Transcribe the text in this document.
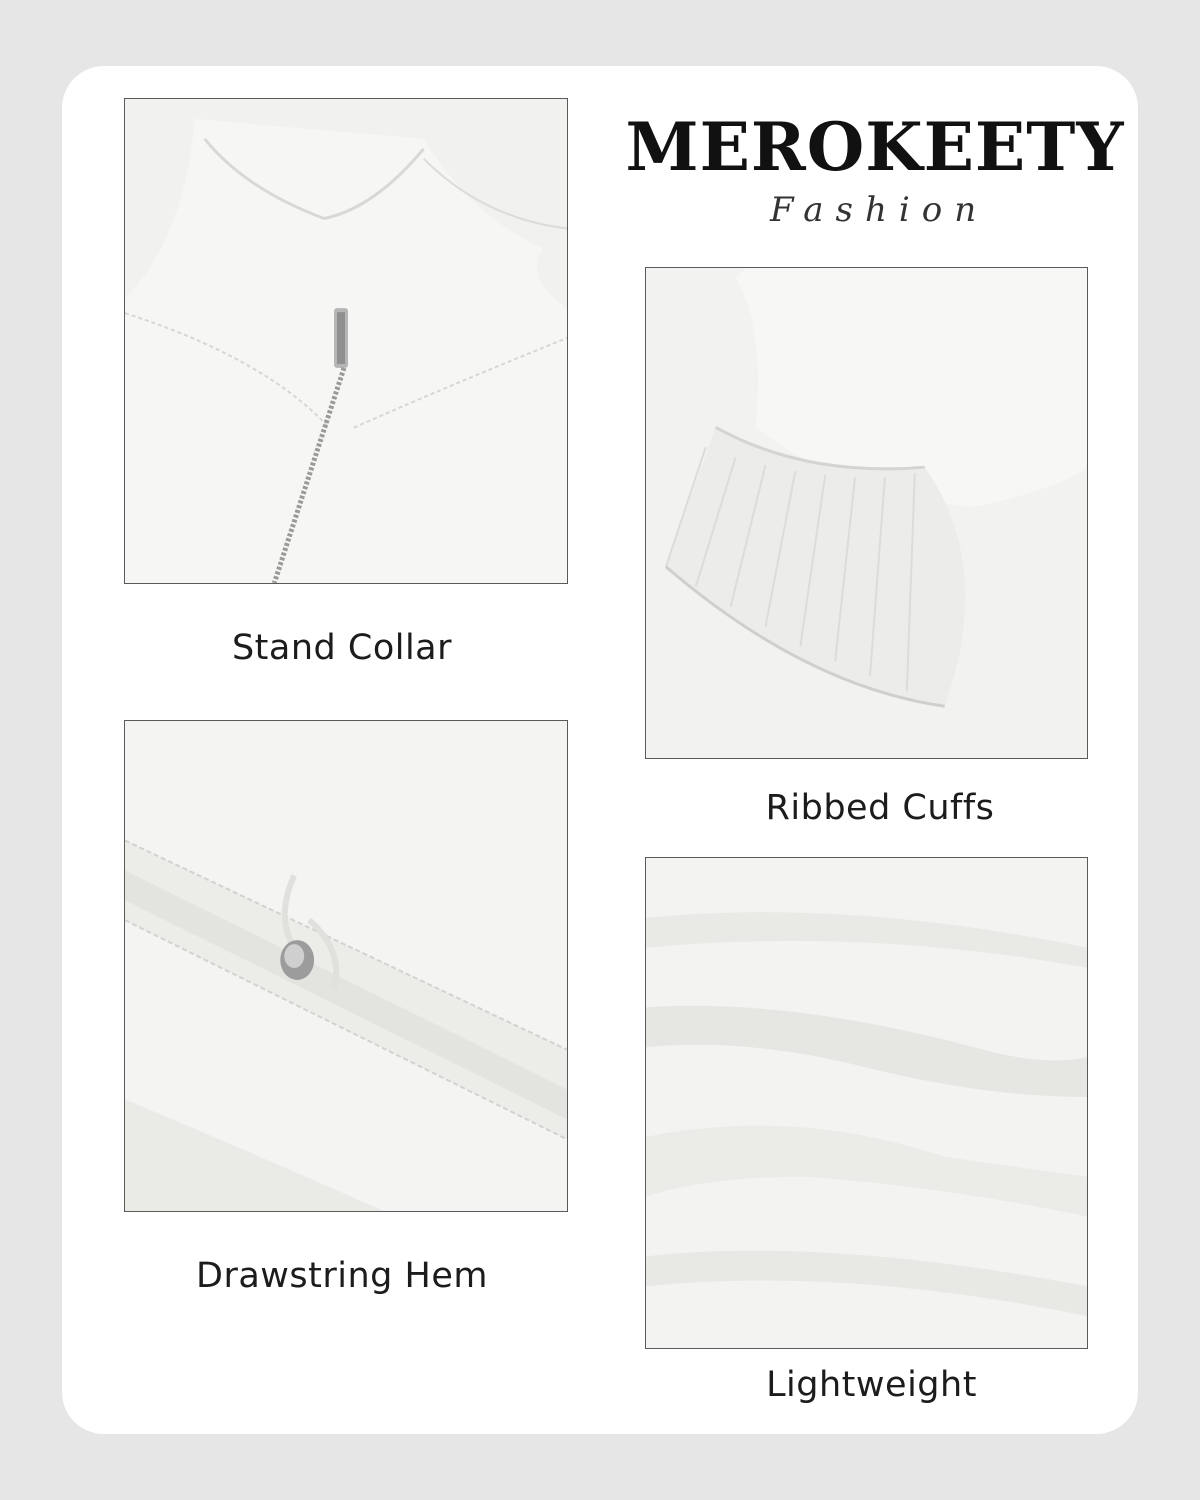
MEROKEETY
Fashion
Stand Collar
Ribbed Cuffs
Drawstring Hem
Lightweight
